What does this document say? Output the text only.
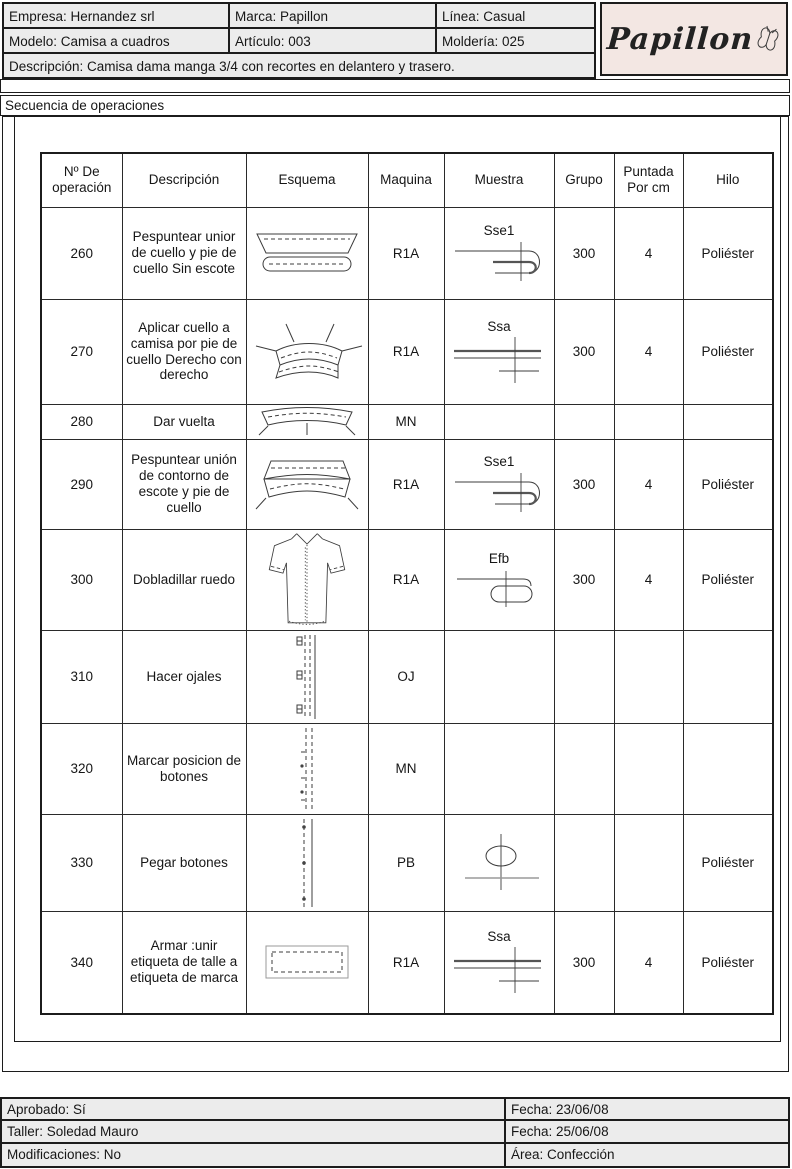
Empresa: Hernandez srl	Marca: Papillon	Línea: Casual
Modelo: Camisa a cuadros	Artículo: 003	Moldería: 025
Descripción: Camisa dama manga 3/4 con recortes en delantero y trasero.
Papillon
Secuencia de operaciones
Nº De operación	Descripción	Esquema	Maquina	Muestra	Grupo	Puntada Por cm	Hilo
260	Pespuntear unior de cuello y pie de cuello Sin escote		R1A	Sse1	300	4	Poliéster
270	Aplicar cuello a camisa por pie de cuello Derecho con derecho		R1A	Ssa	300	4	Poliéster
280	Dar vuelta		MN				
290	Pespuntear unión de contorno de escote y pie de cuello		R1A	Sse1	300	4	Poliéster
300	Dobladillar ruedo		R1A	Efb	300	4	Poliéster
310	Hacer ojales		OJ				
320	Marcar posicion de botones		MN				
330	Pegar botones		PB				Poliéster
340	Armar :unir etiqueta de talle a etiqueta de marca		R1A	Ssa	300	4	Poliéster
Aprobado: Sí	Fecha: 23/06/08
Taller: Soledad Mauro	Fecha: 25/06/08
Modificaciones: No	Área: Confección
